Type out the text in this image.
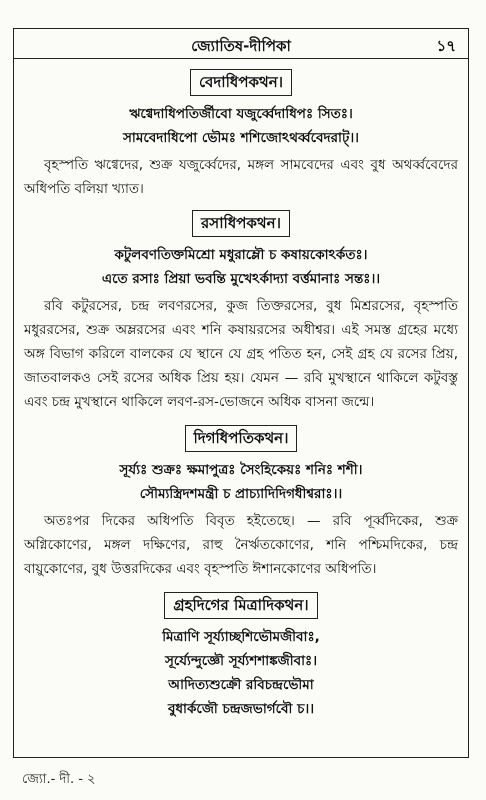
জ্যোতিষ-দীপিকা	১৭
বেদাধিপকথন।
ঋগ্বেদাধিপতির্জীবো যজুর্ব্বেদাধিপঃ সিতঃ।
সামবেদাধিপো ভৌমঃ শশিজোঽথর্ব্ববেদরাট্।।
বৃহস্পতি ঋগ্বেদের, শুক্র যজুর্ব্বেদের, মঙ্গল সামবেদের এবং বুধ অথর্ব্ববেদের অধিপতি বলিয়া খ্যাত।
রসাধিপকথন।
কটুলবণতিক্তমিশ্রো মধুরাম্লৌ চ কষায়কোঽর্কতঃ।
এতে রসাঃ প্রিয়া ভবন্তি মুখেঽর্কাদ্যা বর্ত্তমানাঃ সন্তঃ।।
রবি কটুরসের, চন্দ্র লবণরসের, কুজ তিক্তরসের, বুধ মিশ্ররসের, বৃহস্পতি মধুররসের, শুক্র অম্লরসের এবং শনি কষায়রসের অধীশ্বর। এই সমস্ত গ্রহের মধ্যে অঙ্গ বিভাগ করিলে বালকের যে স্থানে যে গ্রহ পতিত হন, সেই গ্রহ যে রসের প্রিয়, জাতবালকও সেই রসের অধিক প্রিয় হয়। যেমন — রবি মুখস্থানে থাকিলে কটুবস্তু এবং চন্দ্র মুখস্থানে থাকিলে লবণ-রস-ভোজনে অধিক বাসনা জন্মে।
দিগধিপতিকথন।
সূর্য্যঃ শুক্রঃ ক্ষমাপুত্রঃ সৈংহিকেয়ঃ শনিঃ শশী।
সৌম্যস্ত্রিদশমন্ত্রী চ প্রাচ্যাদিদিগধীশ্বরাঃ।।
অতঃপর দিকের অধিপতি বিবৃত হইতেছে। — রবি পূর্ব্বদিকের, শুক্র অগ্নিকোণের, মঙ্গল দক্ষিণের, রাহু নৈর্ঋতকোণের, শনি পশ্চিমদিকের, চন্দ্র বায়ুকোণের, বুধ উত্তরদিকের এবং বৃহস্পতি ঈশানকোণের অধিপতি।
গ্রহদিগের মিত্রাদিকথন।
মিত্রাণি সূর্য্যাচ্ছশিভৌমজীবাঃ,
সূর্য্যেন্দুজ্ঞৌ সূর্য্যশশাঙ্কজীবাঃ।
আদিত্যশুক্রৌ রবিচন্দ্রভৌমা
বুধার্কজৌ চন্দ্রজভার্গবৌ চ।।
জ্যো.- দী. - ২
